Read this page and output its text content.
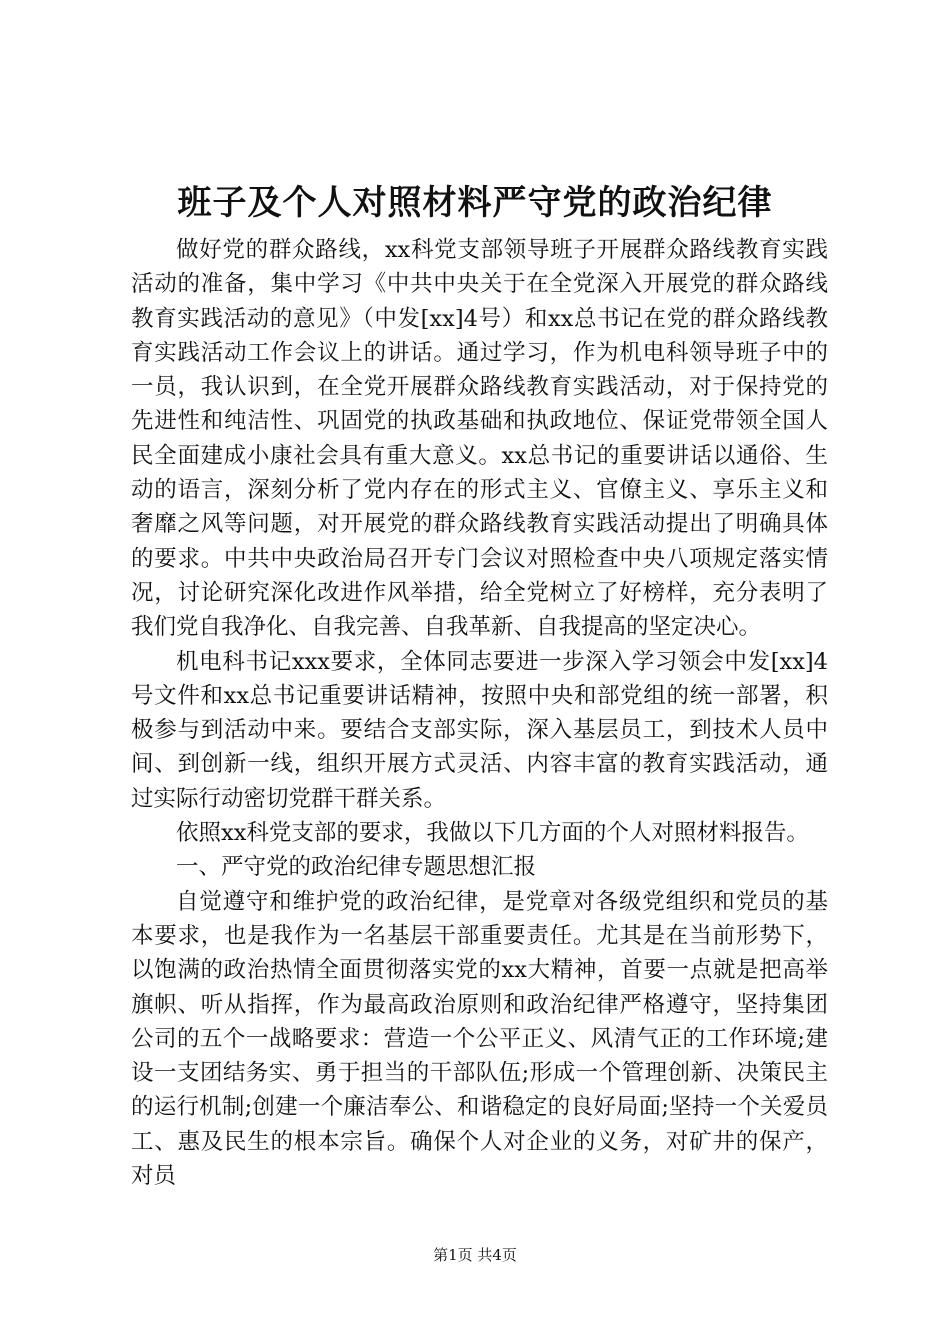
班子及个人对照材料严守党的政治纪律

做好党的群众路线，xx科党支部领导班子开展群众路线教育实践活动的准备，集中学习《中共中央关于在全党深入开展党的群众路线教育实践活动的意见》（中发[xx]4号）和xx总书记在党的群众路线教育实践活动工作会议上的讲话。通过学习，作为机电科领导班子中的一员，我认识到，在全党开展群众路线教育实践活动，对于保持党的先进性和纯洁性、巩固党的执政基础和执政地位、保证党带领全国人民全面建成小康社会具有重大意义。xx总书记的重要讲话以通俗、生动的语言，深刻分析了党内存在的形式主义、官僚主义、享乐主义和奢靡之风等问题，对开展党的群众路线教育实践活动提出了明确具体的要求。中共中央政治局召开专门会议对照检查中央八项规定落实情况，讨论研究深化改进作风举措，给全党树立了好榜样，充分表明了我们党自我净化、自我完善、自我革新、自我提高的坚定决心。

机电科书记xxx要求，全体同志要进一步深入学习领会中发[xx]4号文件和xx总书记重要讲话精神，按照中央和部党组的统一部署，积极参与到活动中来。要结合支部实际，深入基层员工，到技术人员中间、到创新一线，组织开展方式灵活、内容丰富的教育实践活动，通过实际行动密切党群干群关系。

依照xx科党支部的要求，我做以下几方面的个人对照材料报告。

一、严守党的政治纪律专题思想汇报

自觉遵守和维护党的政治纪律，是党章对各级党组织和党员的基本要求，也是我作为一名基层干部重要责任。尤其是在当前形势下，以饱满的政治热情全面贯彻落实党的xx大精神，首要一点就是把高举旗帜、听从指挥，作为最高政治原则和政治纪律严格遵守，坚持集团公司的五个一战略要求：营造一个公平正义、风清气正的工作环境;建设一支团结务实、勇于担当的干部队伍;形成一个管理创新、决策民主的运行机制;创建一个廉洁奉公、和谐稳定的良好局面;坚持一个关爱员工、惠及民生的根本宗旨。确保个人对企业的义务，对矿井的保产，对员

第1页 共4页
